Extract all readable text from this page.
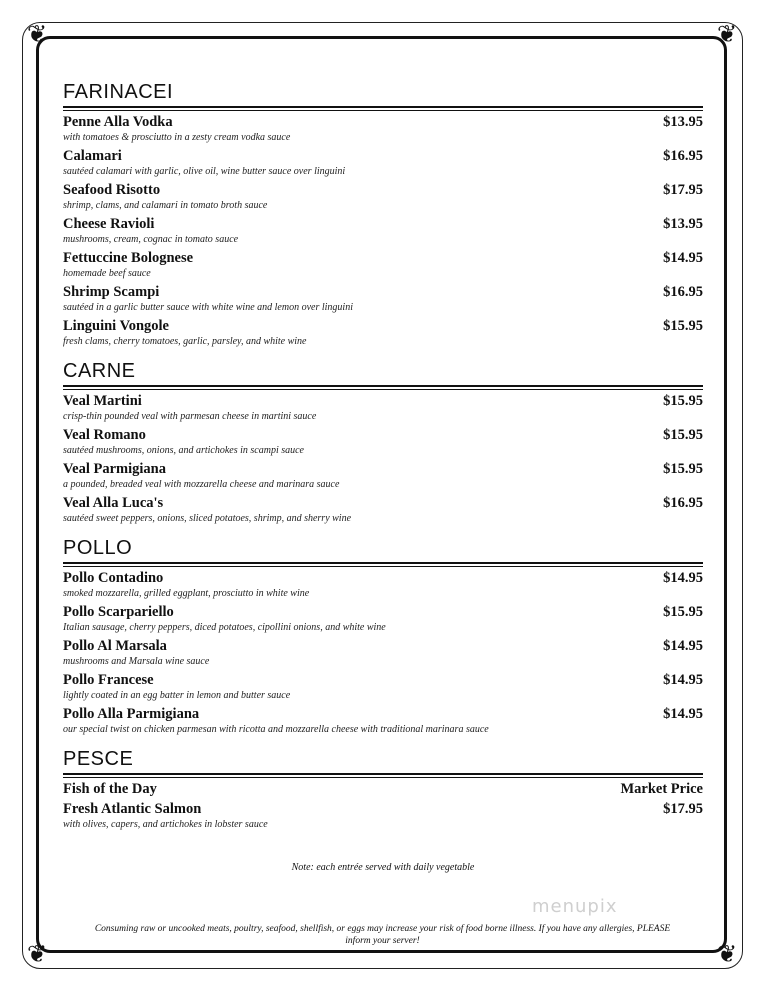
❦	❦
❦	❦
FARINACEI
Penne Alla Vodka	$13.95
with tomatoes & prosciutto in a zesty cream vodka sauce
Calamari	$16.95
sautéed calamari with garlic, olive oil, wine butter sauce over linguini
Seafood Risotto	$17.95
shrimp, clams, and calamari in tomato broth sauce
Cheese Ravioli	$13.95
mushrooms, cream, cognac in tomato sauce
Fettuccine Bolognese	$14.95
homemade beef sauce
Shrimp Scampi	$16.95
sautéed in a garlic butter sauce with white wine and lemon over linguini
Linguini Vongole	$15.95
fresh clams, cherry tomatoes, garlic, parsley, and white wine
CARNE
Veal Martini	$15.95
crisp-thin pounded veal with parmesan cheese in martini sauce
Veal Romano	$15.95
sautéed mushrooms, onions, and artichokes in scampi sauce
Veal Parmigiana	$15.95
a pounded, breaded veal with mozzarella cheese and marinara sauce
Veal Alla Luca's	$16.95
sautéed sweet peppers, onions, sliced potatoes, shrimp, and sherry wine
POLLO
Pollo Contadino	$14.95
smoked mozzarella, grilled eggplant, prosciutto in white wine
Pollo Scarpariello	$15.95
Italian sausage, cherry peppers, diced potatoes, cipollini onions, and white wine
Pollo Al Marsala	$14.95
mushrooms and Marsala wine sauce
Pollo Francese	$14.95
lightly coated in an egg batter in lemon and butter sauce
Pollo Alla Parmigiana	$14.95
our special twist on chicken parmesan with ricotta and mozzarella cheese with traditional marinara sauce
PESCE
Fish of the Day	Market Price
Fresh Atlantic Salmon	$17.95
with olives, capers, and artichokes in lobster sauce
Note: each entrée served with daily vegetable
Consuming raw or uncooked meats, poultry, seafood, shellfish, or eggs may increase your risk of food borne illness. If you have any allergies, PLEASE inform your server!
menupix
